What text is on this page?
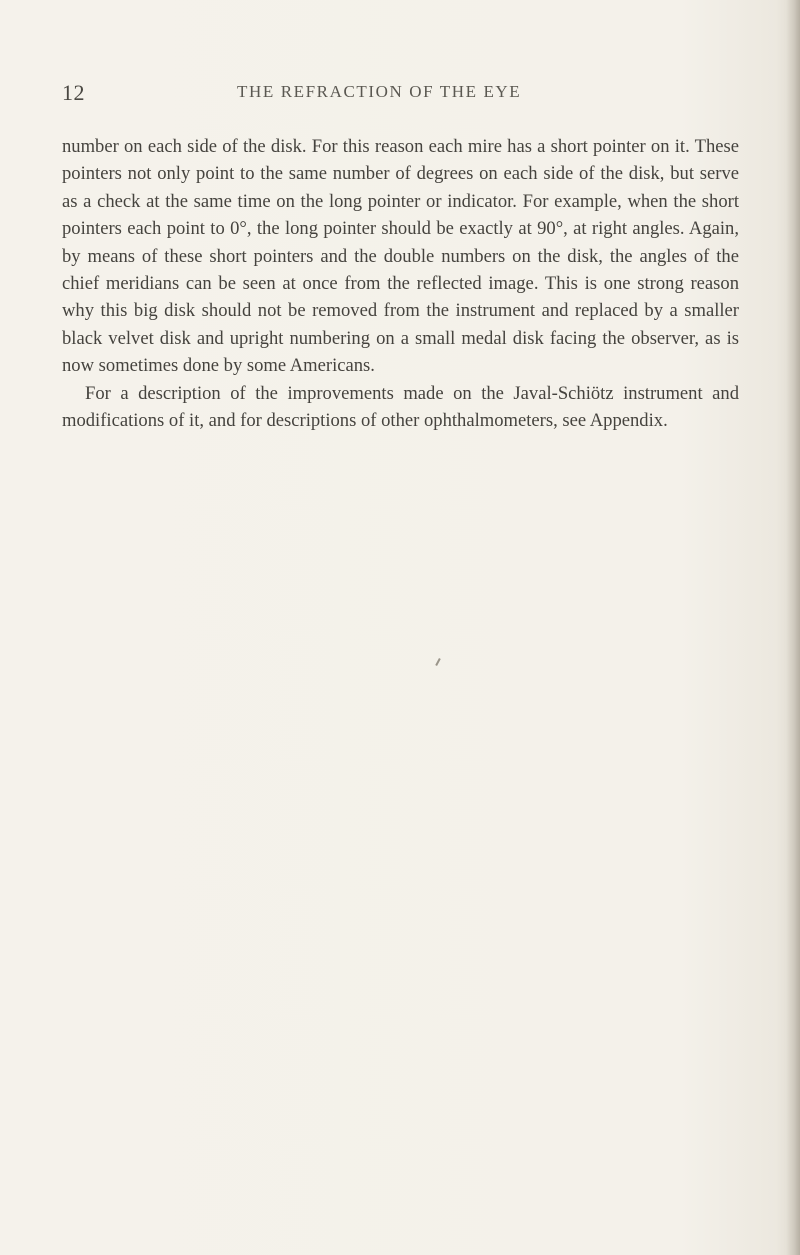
12	THE REFRACTION OF THE EYE

number on each side of the disk. For this reason each mire has a short pointer on it. These pointers not only point to the same number of degrees on each side of the disk, but serve as a check at the same time on the long pointer or indicator. For example, when the short pointers each point to 0°, the long pointer should be exactly at 90°, at right angles. Again, by means of these short pointers and the double numbers on the disk, the angles of the chief meridians can be seen at once from the reflected image. This is one strong reason why this big disk should not be removed from the instrument and replaced by a smaller black velvet disk and upright numbering on a small medal disk facing the observer, as is now sometimes done by some Americans.

For a description of the improvements made on the Javal-Schiötz instrument and modifications of it, and for descriptions of other ophthalmometers, see Appendix.
